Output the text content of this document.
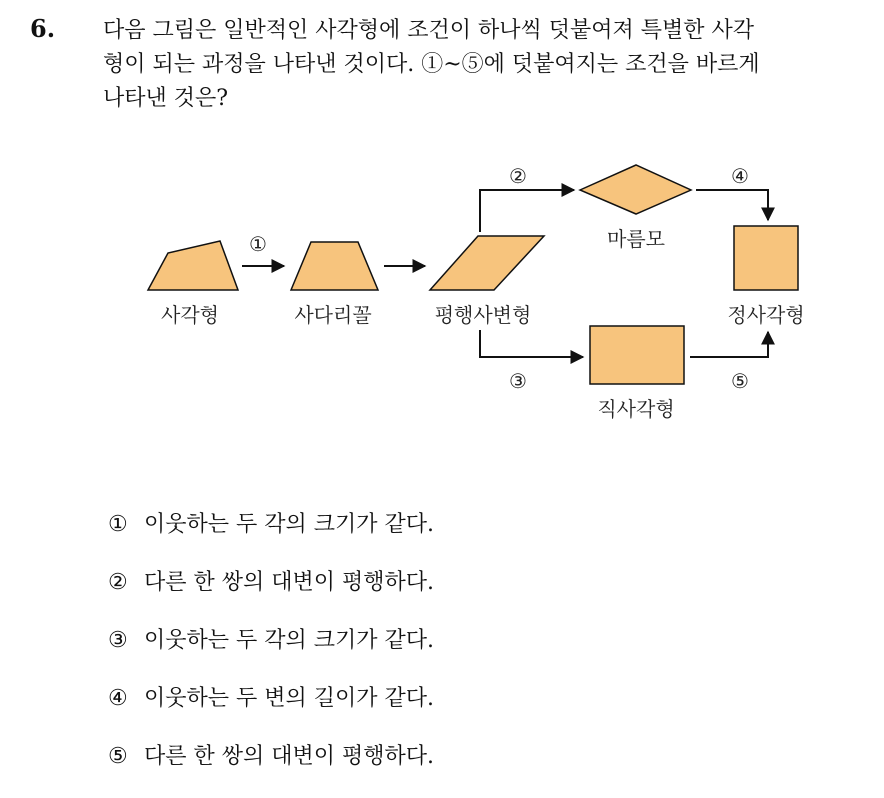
6. 다음 그림은 일반적인 사각형에 조건이 하나씩 덧붙여져 특별한 사각
형이 되는 과정을 나타낸 것이다. ①~⑤에 덧붙여지는 조건을 바르게
나타낸 것은?
①
②
③
④
⑤
사각형	사다리꼴	평행사변형
마름모
직사각형
정사각형
① 이웃하는 두 각의 크기가 같다.
② 다른 한 쌍의 대변이 평행하다.
③ 이웃하는 두 각의 크기가 같다.
④ 이웃하는 두 변의 길이가 같다.
⑤ 다른 한 쌍의 대변이 평행하다.
